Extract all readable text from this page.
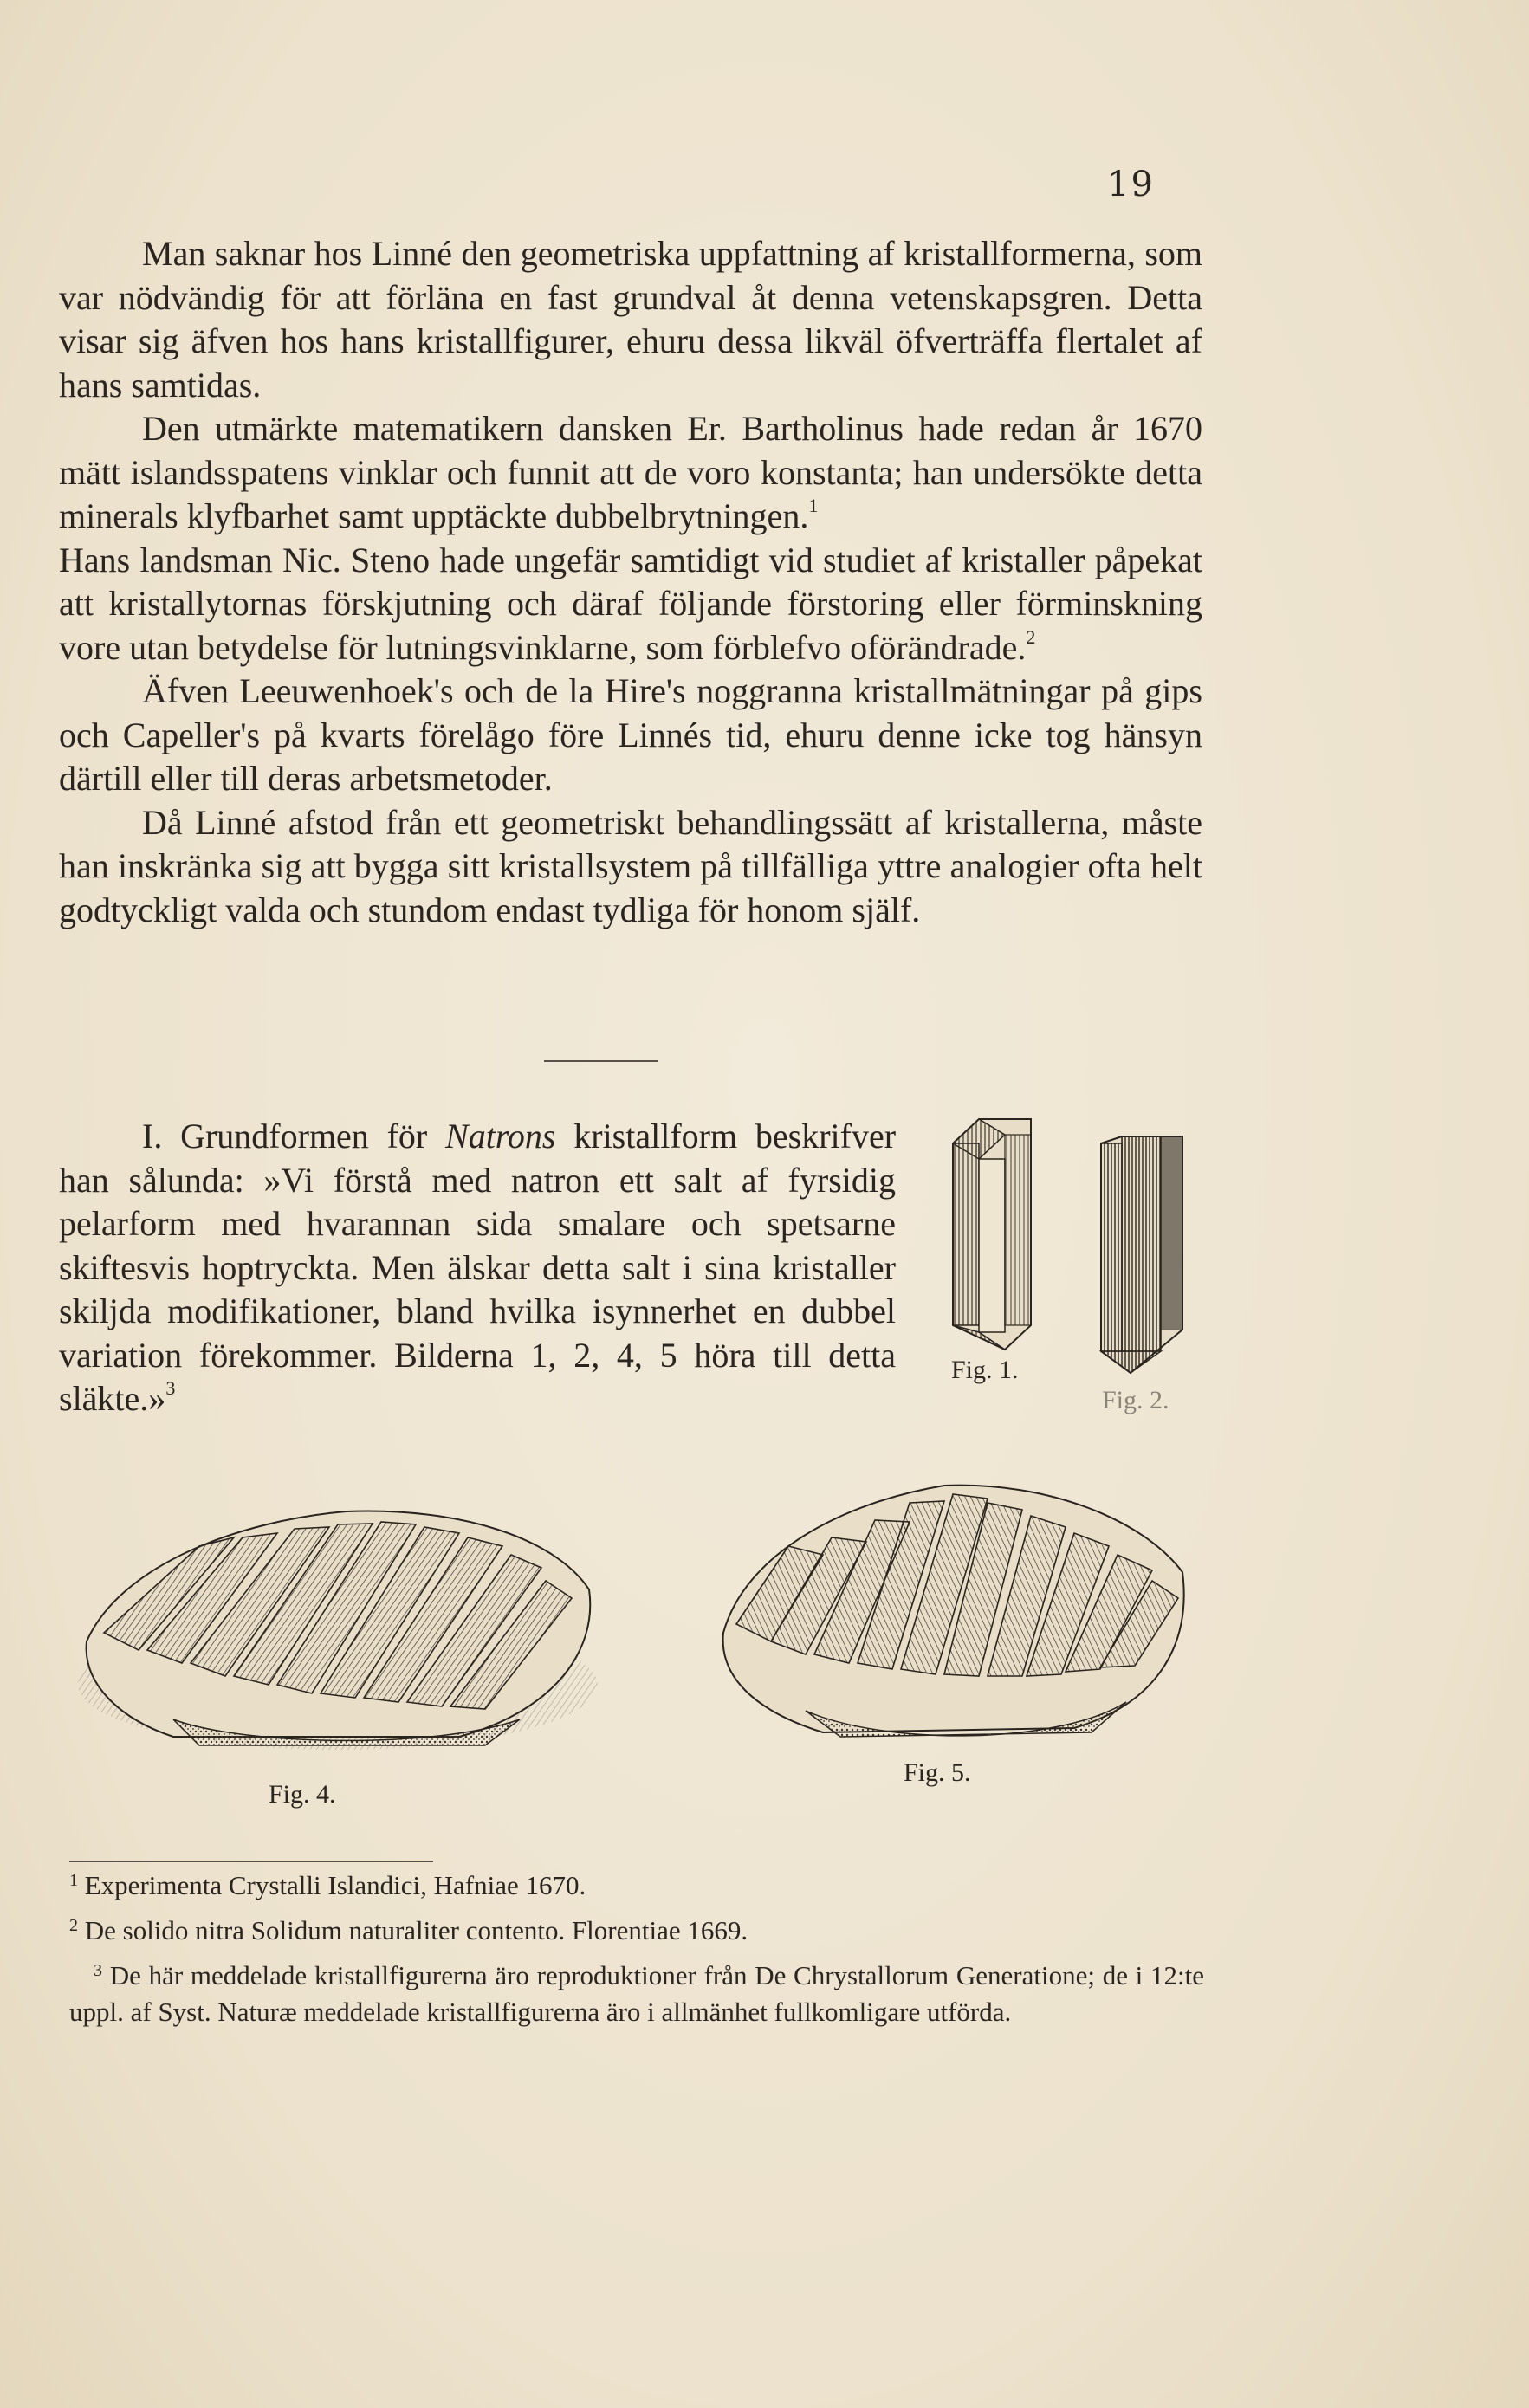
19

Man saknar hos Linné den geometriska uppfattning af kristallformerna, som var nödvändig för att förläna en fast grundval åt denna vetenskapsgren. Detta visar sig äfven hos hans kristallfigurer, ehuru dessa likväl öfverträffa flertalet af hans samtidas.

Den utmärkte matematikern dansken Er. Bartholinus hade redan år 1670 mätt islandsspatens vinklar och funnit att de voro konstanta; han undersökte detta minerals klyfbarhet samt upptäckte dubbelbrytningen.$^1$

Hans landsman Nic. Steno hade ungefär samtidigt vid studiet af kristaller påpekat att kristallytornas förskjutning och däraf följande förstoring eller förminskning vore utan betydelse för lutningsvinklarne, som förblefvo oförändrade.$^2$

Äfven Leeuwenhoek's och de la Hire's noggranna kristallmätningar på gips och Capeller's på kvarts förelågo före Linnés tid, ehuru denne icke tog hänsyn därtill eller till deras arbetsmetoder.

Då Linné afstod från ett geometriskt behandlingssätt af kristallerna, måste han inskränka sig att bygga sitt kristallsystem på tillfälliga yttre analogier ofta helt godtyckligt valda och stundom endast tydliga för honom själf.

I. Grundformen för Natrons kristallform beskrifver han sålunda: »Vi förstå med natron ett salt af fyrsidig pelarform med hvarannan sida smalare och spetsarne skiftesvis hoptryckta. Men älskar detta salt i sina kristaller skiljda modifikationer, bland hvilka isynnerhet en dubbel variation förekommer. Bilderna 1, 2, 4, 5 höra till detta släkte.»$^3$

Fig. 1.
Fig. 2.
Fig. 4.
Fig. 5.

$^1$ Experimenta Crystalli Islandici, Hafniae 1670.

$^2$ De solido nitra Solidum naturaliter contento. Florentiae 1669.

$^3$ De här meddelade kristallfigurerna äro reproduktioner från De Chrystallorum Generatione; de i 12:te uppl. af Syst. Naturæ meddelade kristallfigurerna äro i allmänhet fullkomligare utförda.
